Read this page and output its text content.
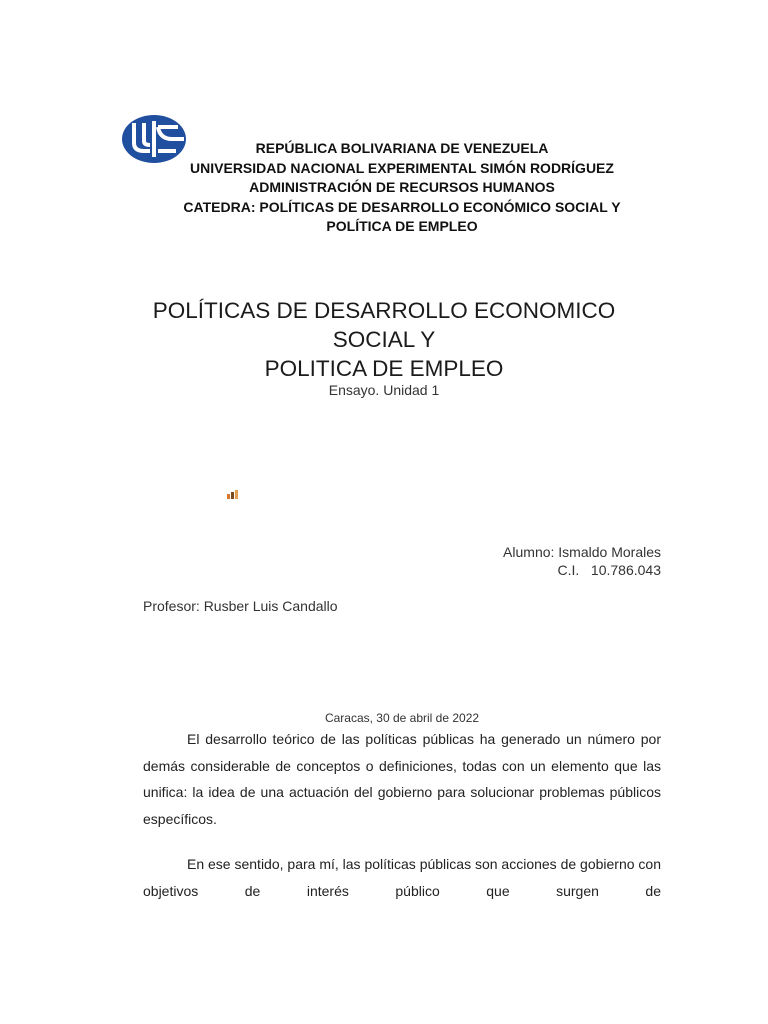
REPÚBLICA BOLIVARIANA DE VENEZUELA
UNIVERSIDAD NACIONAL EXPERIMENTAL SIMÓN RODRÍGUEZ
ADMINISTRACIÓN DE RECURSOS HUMANOS
CATEDRA: POLÍTICAS DE DESARROLLO ECONÓMICO SOCIAL Y
POLÍTICA DE EMPLEO
POLÍTICAS DE DESARROLLO ECONOMICO SOCIAL Y
POLITICA DE EMPLEO
Ensayo. Unidad 1
Alumno: Ismaldo Morales
C.I.   10.786.043
Profesor: Rusber Luis Candallo
Caracas, 30 de abril de 2022

El desarrollo teórico de las políticas públicas ha generado un número por demás considerable de conceptos o definiciones, todas con un elemento que las unifica: la idea de una actuación del gobierno para solucionar problemas públicos específicos.

En ese sentido, para mí, las políticas públicas son acciones de gobierno con objetivos de interés público que surgen de
